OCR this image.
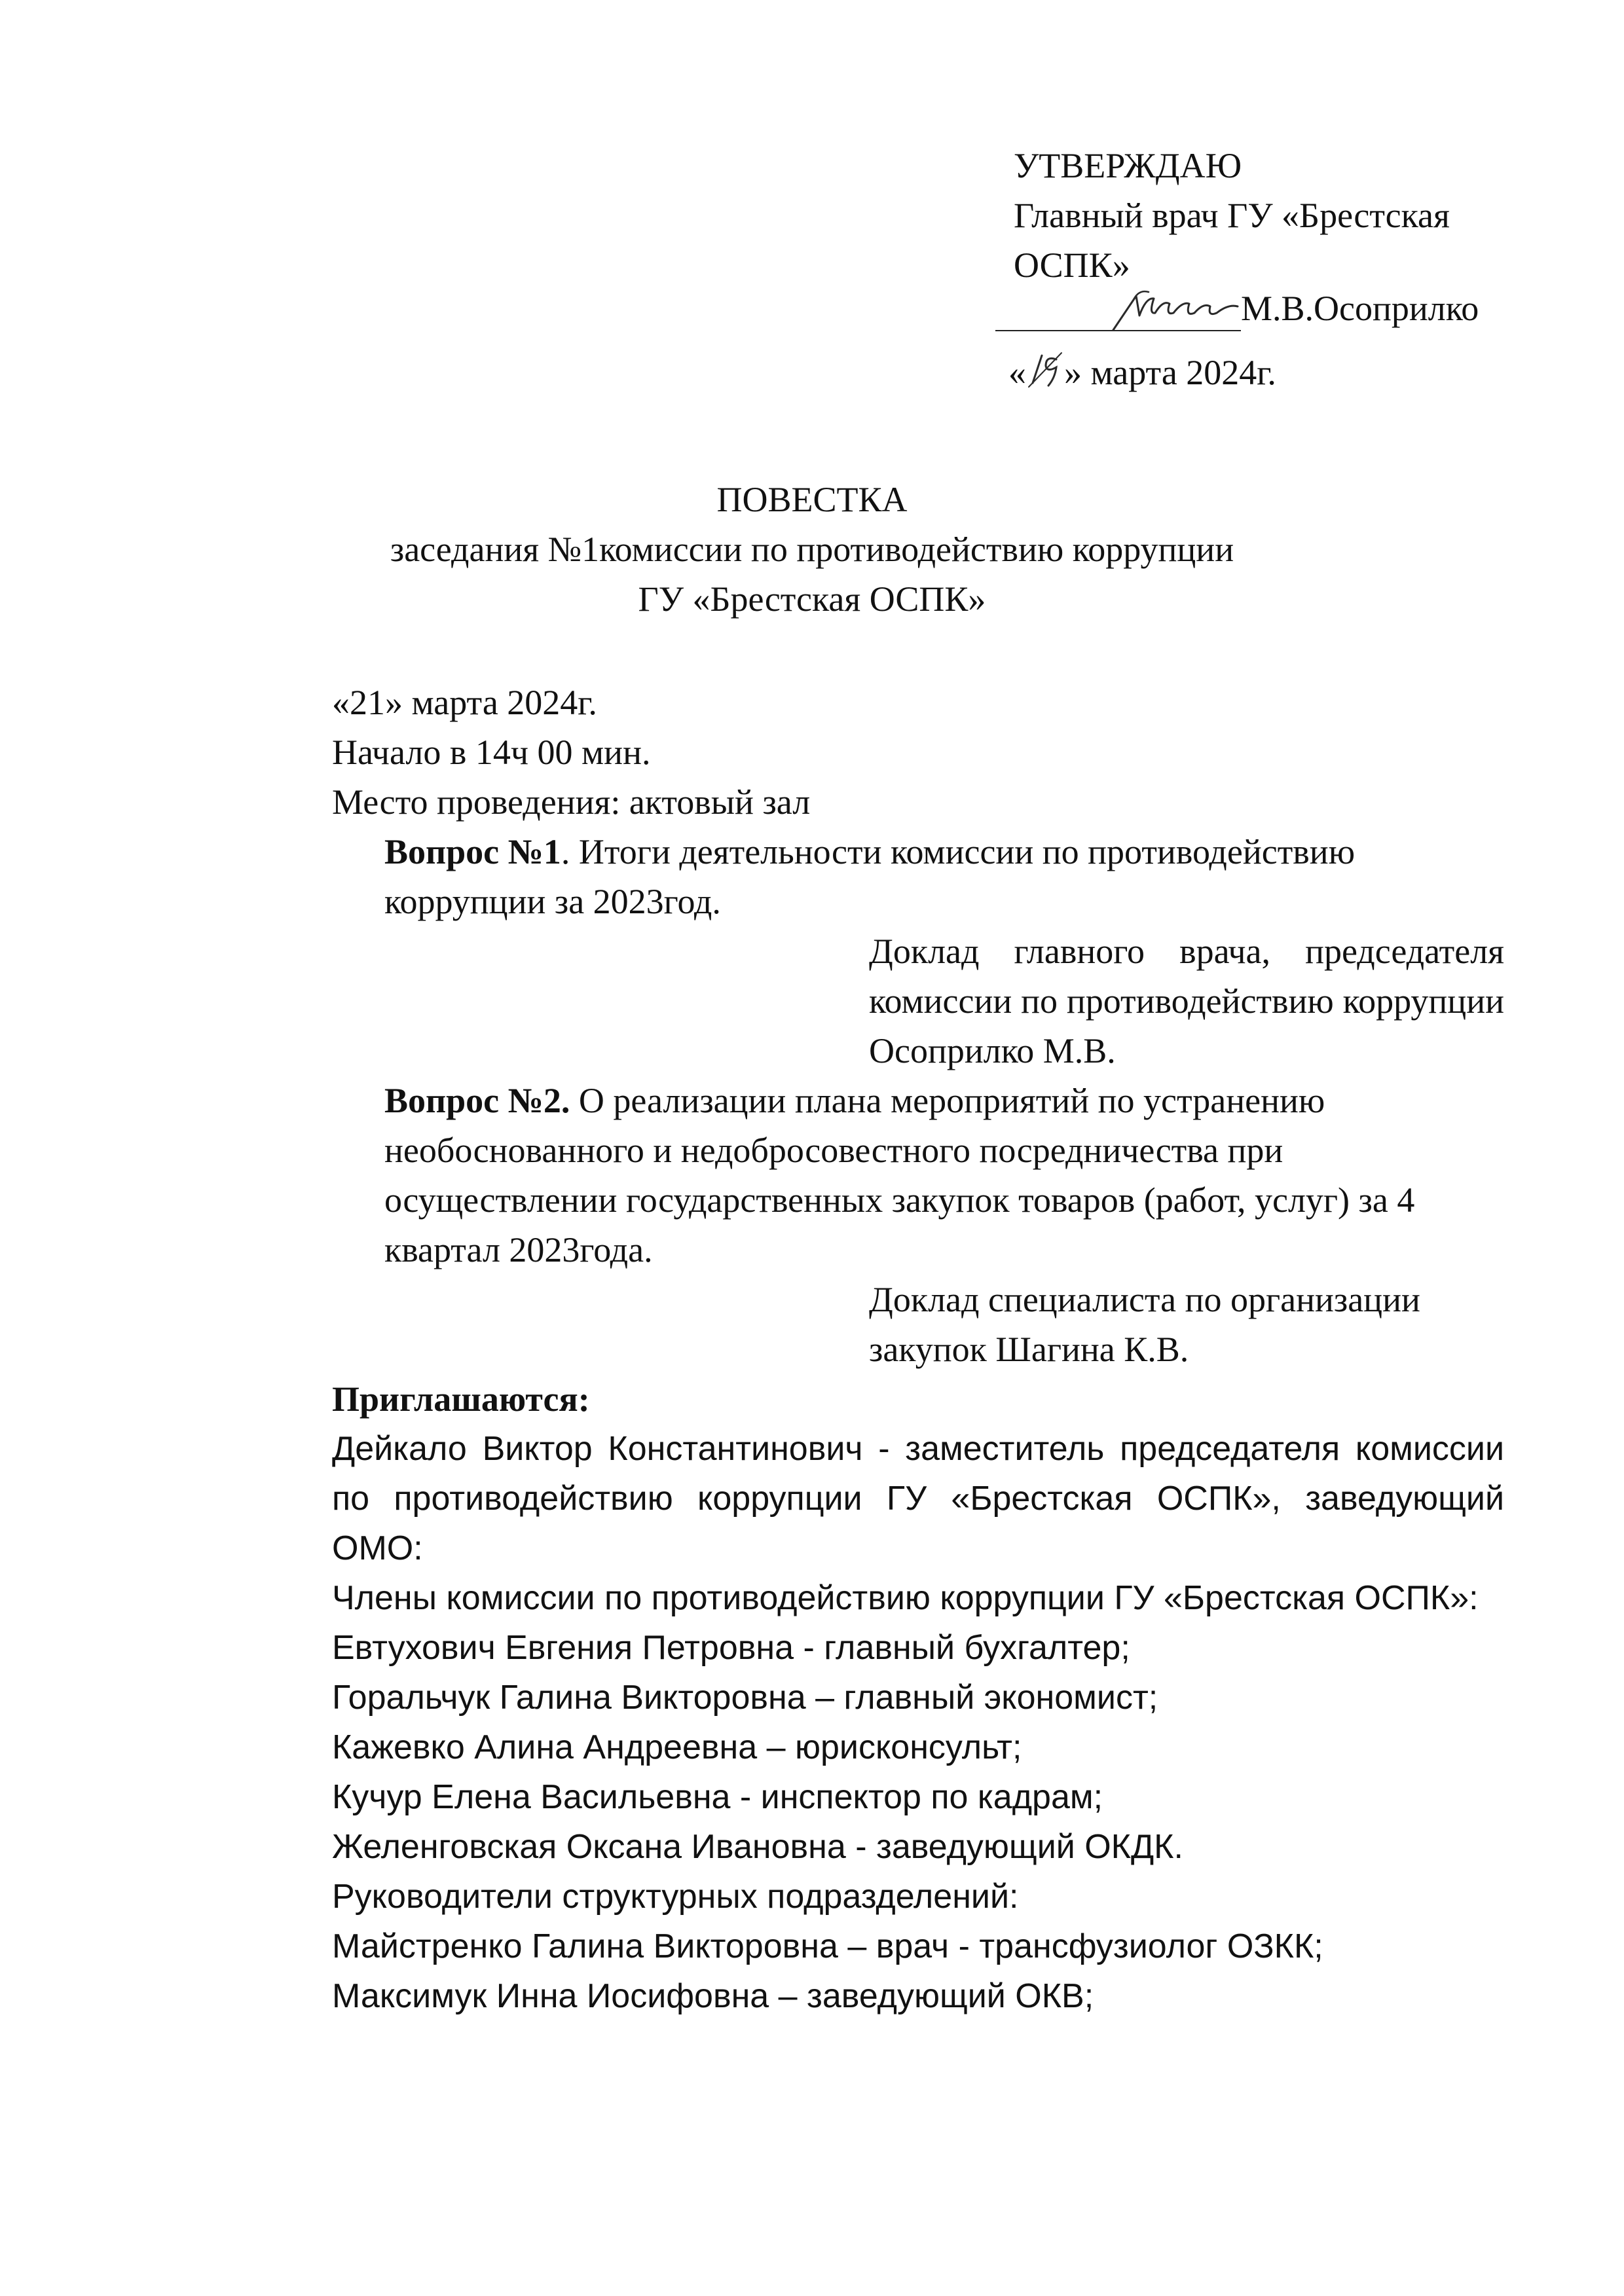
УТВЕРЖДАЮ
Главный врач ГУ «Брестская
ОСПК»
М.В.Осоприлко
« » марта 2024г.
ПОВЕСТКА
заседания №1комиссии по противодействию коррупции
ГУ «Брестская ОСПК»
«21» марта 2024г.
Начало в 14ч 00 мин.
Место проведения: актовый зал
Вопрос №1. Итоги деятельности комиссии по противодействию коррупции за 2023год.
Доклад главного врача, председателя комиссии по противодействию коррупции Осоприлко М.В.
Вопрос №2. О реализации плана мероприятий по устранению необоснованного и недобросовестного посредничества при осуществлении государственных закупок товаров (работ, услуг) за 4 квартал 2023года.
Доклад специалиста по организации закупок Шагина К.В.
Приглашаются:
Дейкало Виктор Константинович - заместитель председателя комиссии по противодействию коррупции ГУ «Брестская ОСПК», заведующий ОМО:
Члены комиссии по противодействию коррупции ГУ «Брестская ОСПК»:
Евтухович Евгения Петровна - главный бухгалтер;
Горальчук Галина Викторовна – главный экономист;
Кажевко Алина Андреевна – юрисконсульт;
Кучур Елена Васильевна - инспектор по кадрам;
Желенговская Оксана Ивановна - заведующий ОКДК.
Руководители структурных подразделений:
Майстренко Галина Викторовна – врач - трансфузиолог ОЗКК;
Максимук Инна Иосифовна – заведующий ОКВ;
